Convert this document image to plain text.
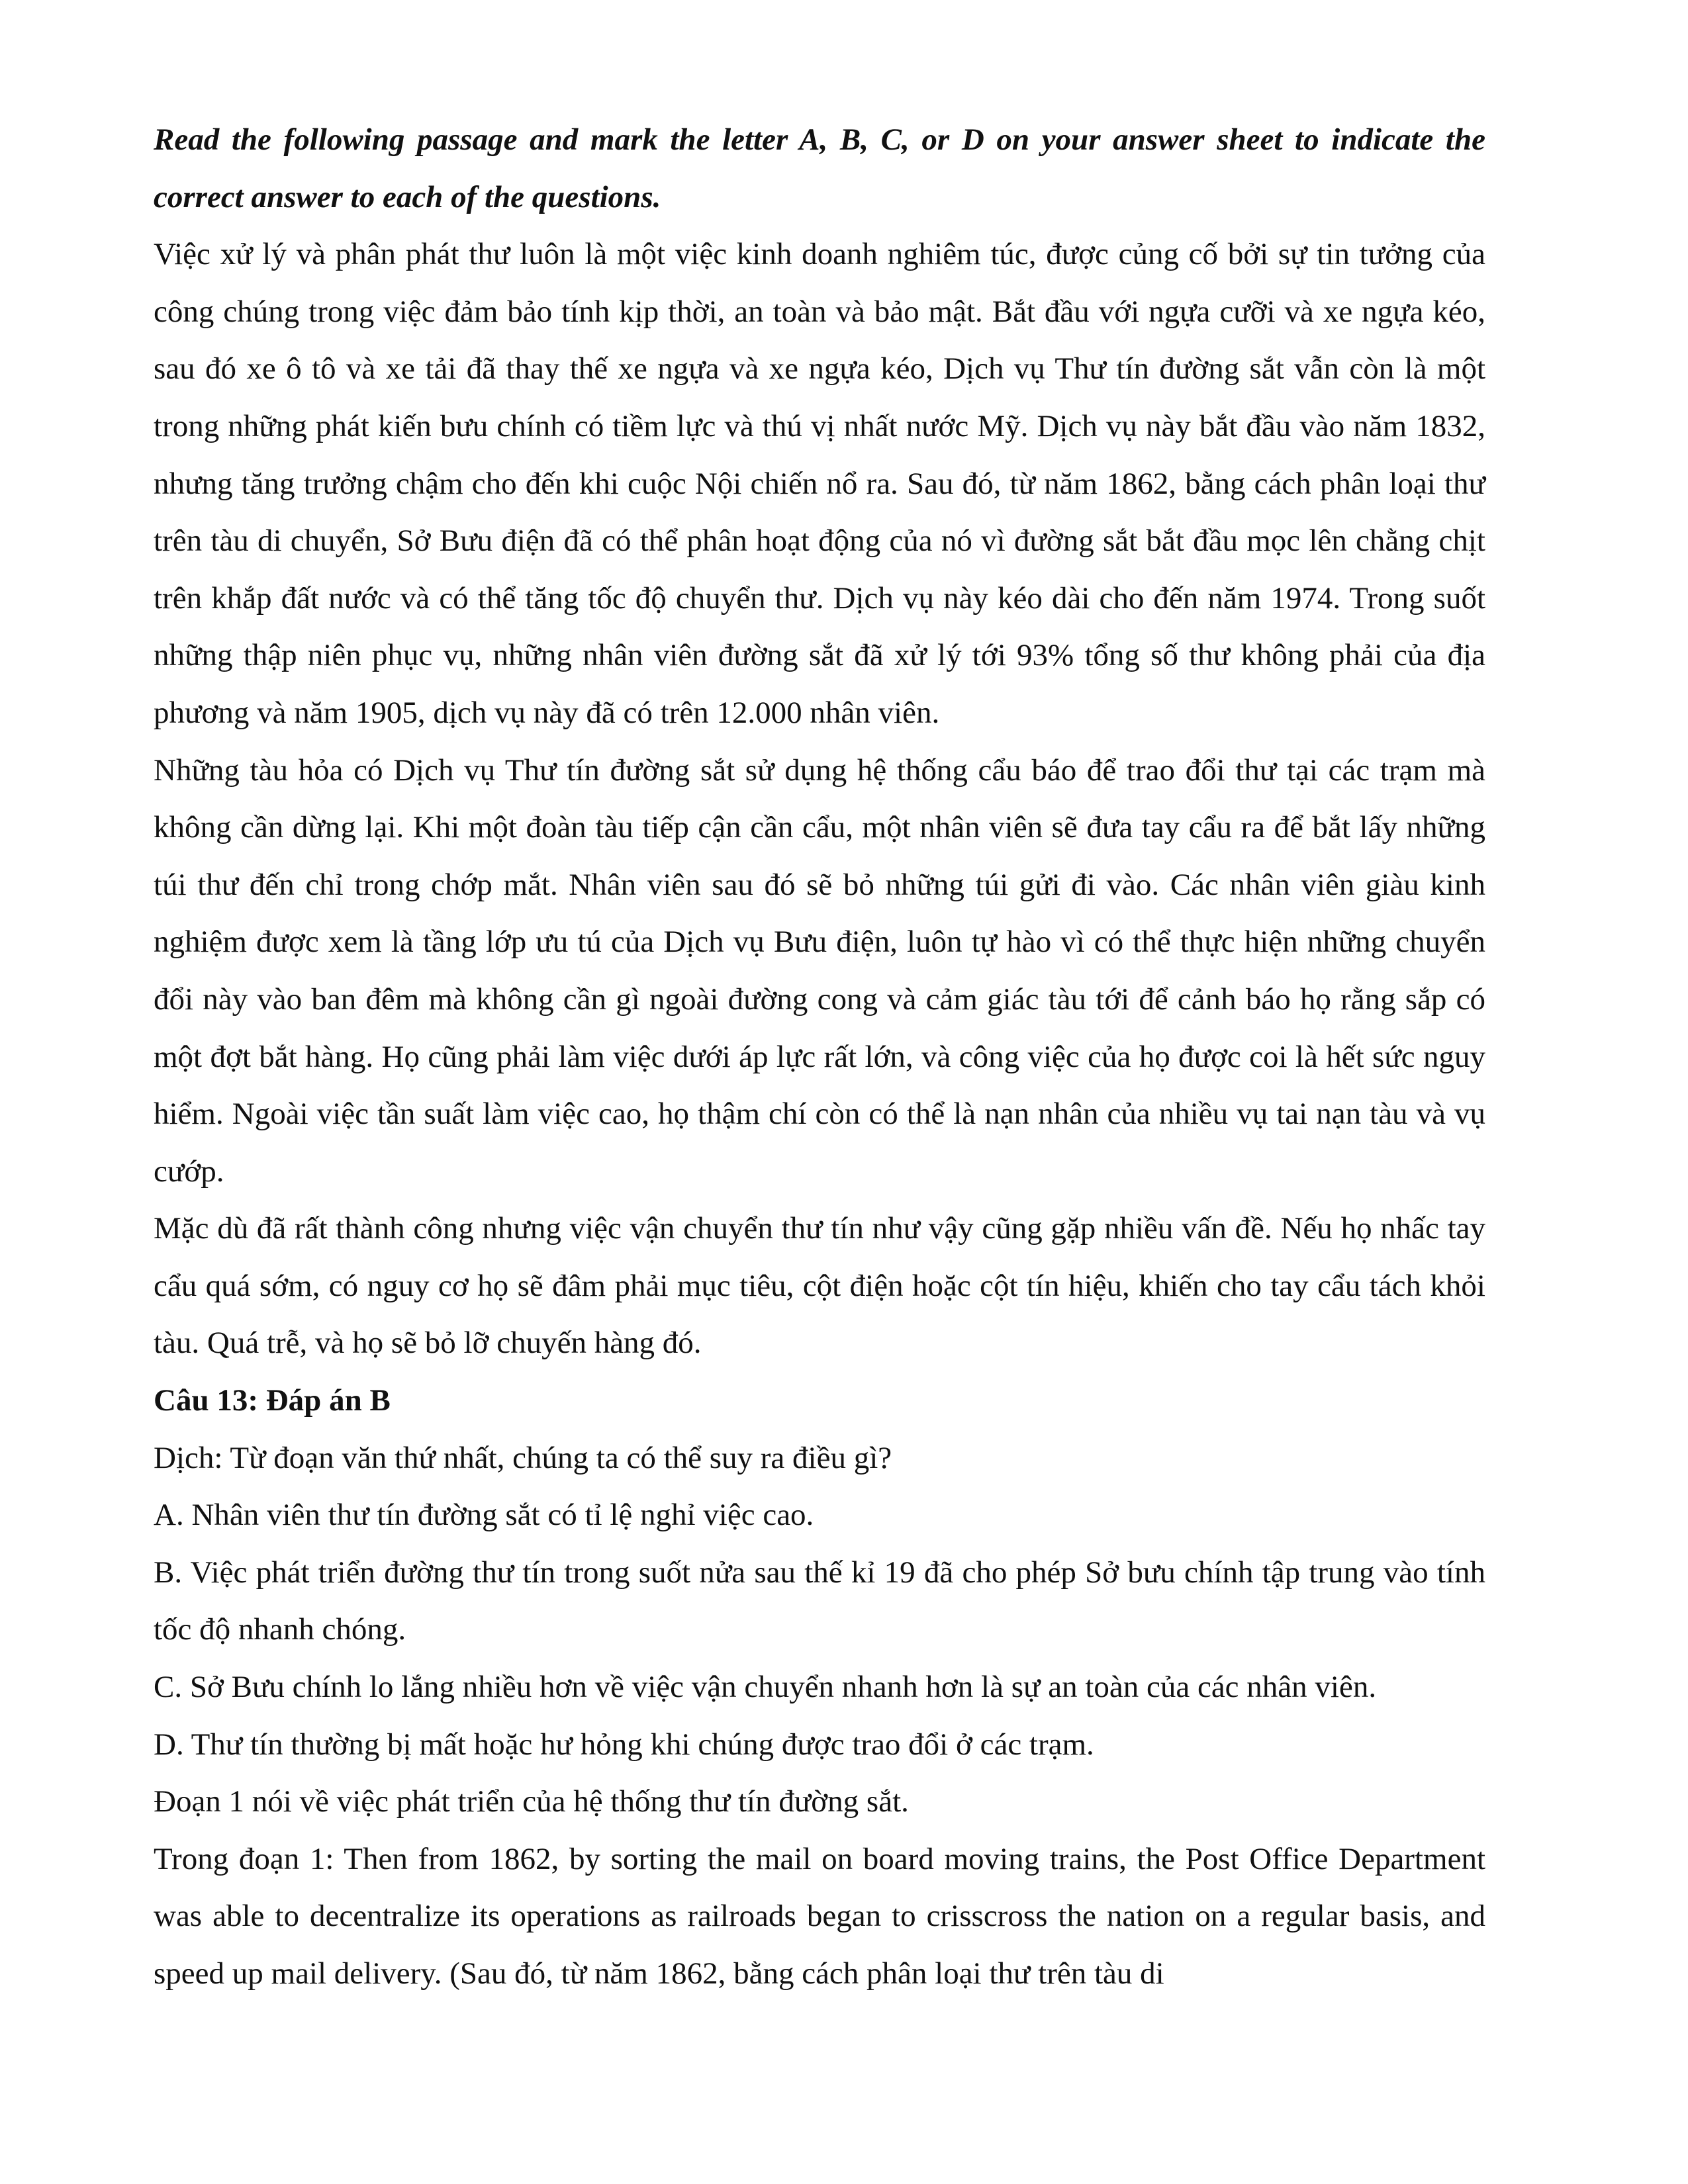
Read the following passage and mark the letter A, B, C, or D on your answer sheet to indicate the correct answer to each of the questions.

Việc xử lý và phân phát thư luôn là một việc kinh doanh nghiêm túc, được củng cố bởi sự tin tưởng của công chúng trong việc đảm bảo tính kịp thời, an toàn và bảo mật. Bắt đầu với ngựa cưỡi và xe ngựa kéo, sau đó xe ô tô và xe tải đã thay thế xe ngựa và xe ngựa kéo, Dịch vụ Thư tín đường sắt vẫn còn là một trong những phát kiến bưu chính có tiềm lực và thú vị nhất nước Mỹ. Dịch vụ này bắt đầu vào năm 1832, nhưng tăng trưởng chậm cho đến khi cuộc Nội chiến nổ ra. Sau đó, từ năm 1862, bằng cách phân loại thư trên tàu di chuyển, Sở Bưu điện đã có thể phân hoạt động của nó vì đường sắt bắt đầu mọc lên chằng chịt trên khắp đất nước và có thể tăng tốc độ chuyển thư. Dịch vụ này kéo dài cho đến năm 1974. Trong suốt những thập niên phục vụ, những nhân viên đường sắt đã xử lý tới 93% tổng số thư không phải của địa phương và năm 1905, dịch vụ này đã có trên 12.000 nhân viên.

Những tàu hỏa có Dịch vụ Thư tín đường sắt sử dụng hệ thống cẩu báo để trao đổi thư tại các trạm mà không cần dừng lại. Khi một đoàn tàu tiếp cận cần cẩu, một nhân viên sẽ đưa tay cẩu ra để bắt lấy những túi thư đến chỉ trong chớp mắt. Nhân viên sau đó sẽ bỏ những túi gửi đi vào. Các nhân viên giàu kinh nghiệm được xem là tầng lớp ưu tú của Dịch vụ Bưu điện, luôn tự hào vì có thể thực hiện những chuyển đổi này vào ban đêm mà không cần gì ngoài đường cong và cảm giác tàu tới để cảnh báo họ rằng sắp có một đợt bắt hàng. Họ cũng phải làm việc dưới áp lực rất lớn, và công việc của họ được coi là hết sức nguy hiểm. Ngoài việc tần suất làm việc cao, họ thậm chí còn có thể là nạn nhân của nhiều vụ tai nạn tàu và vụ cướp.

Mặc dù đã rất thành công nhưng việc vận chuyển thư tín như vậy cũng gặp nhiều vấn đề. Nếu họ nhấc tay cẩu quá sớm, có nguy cơ họ sẽ đâm phải mục tiêu, cột điện hoặc cột tín hiệu, khiến cho tay cẩu tách khỏi tàu. Quá trễ, và họ sẽ bỏ lỡ chuyến hàng đó.

Câu 13: Đáp án B

Dịch: Từ đoạn văn thứ nhất, chúng ta có thể suy ra điều gì?

A. Nhân viên thư tín đường sắt có tỉ lệ nghỉ việc cao.

B. Việc phát triển đường thư tín trong suốt nửa sau thế kỉ 19 đã cho phép Sở bưu chính tập trung vào tính tốc độ nhanh chóng.

C. Sở Bưu chính lo lắng nhiều hơn về việc vận chuyển nhanh hơn là sự an toàn của các nhân viên.

D. Thư tín thường bị mất hoặc hư hỏng khi chúng được trao đổi ở các trạm.

Đoạn 1 nói về việc phát triển của hệ thống thư tín đường sắt.

Trong đoạn 1: Then from 1862, by sorting the mail on board moving trains, the Post Office Department was able to decentralize its operations as railroads began to crisscross the nation on a regular basis, and speed up mail delivery. (Sau đó, từ năm 1862, bằng cách phân loại thư trên tàu di
